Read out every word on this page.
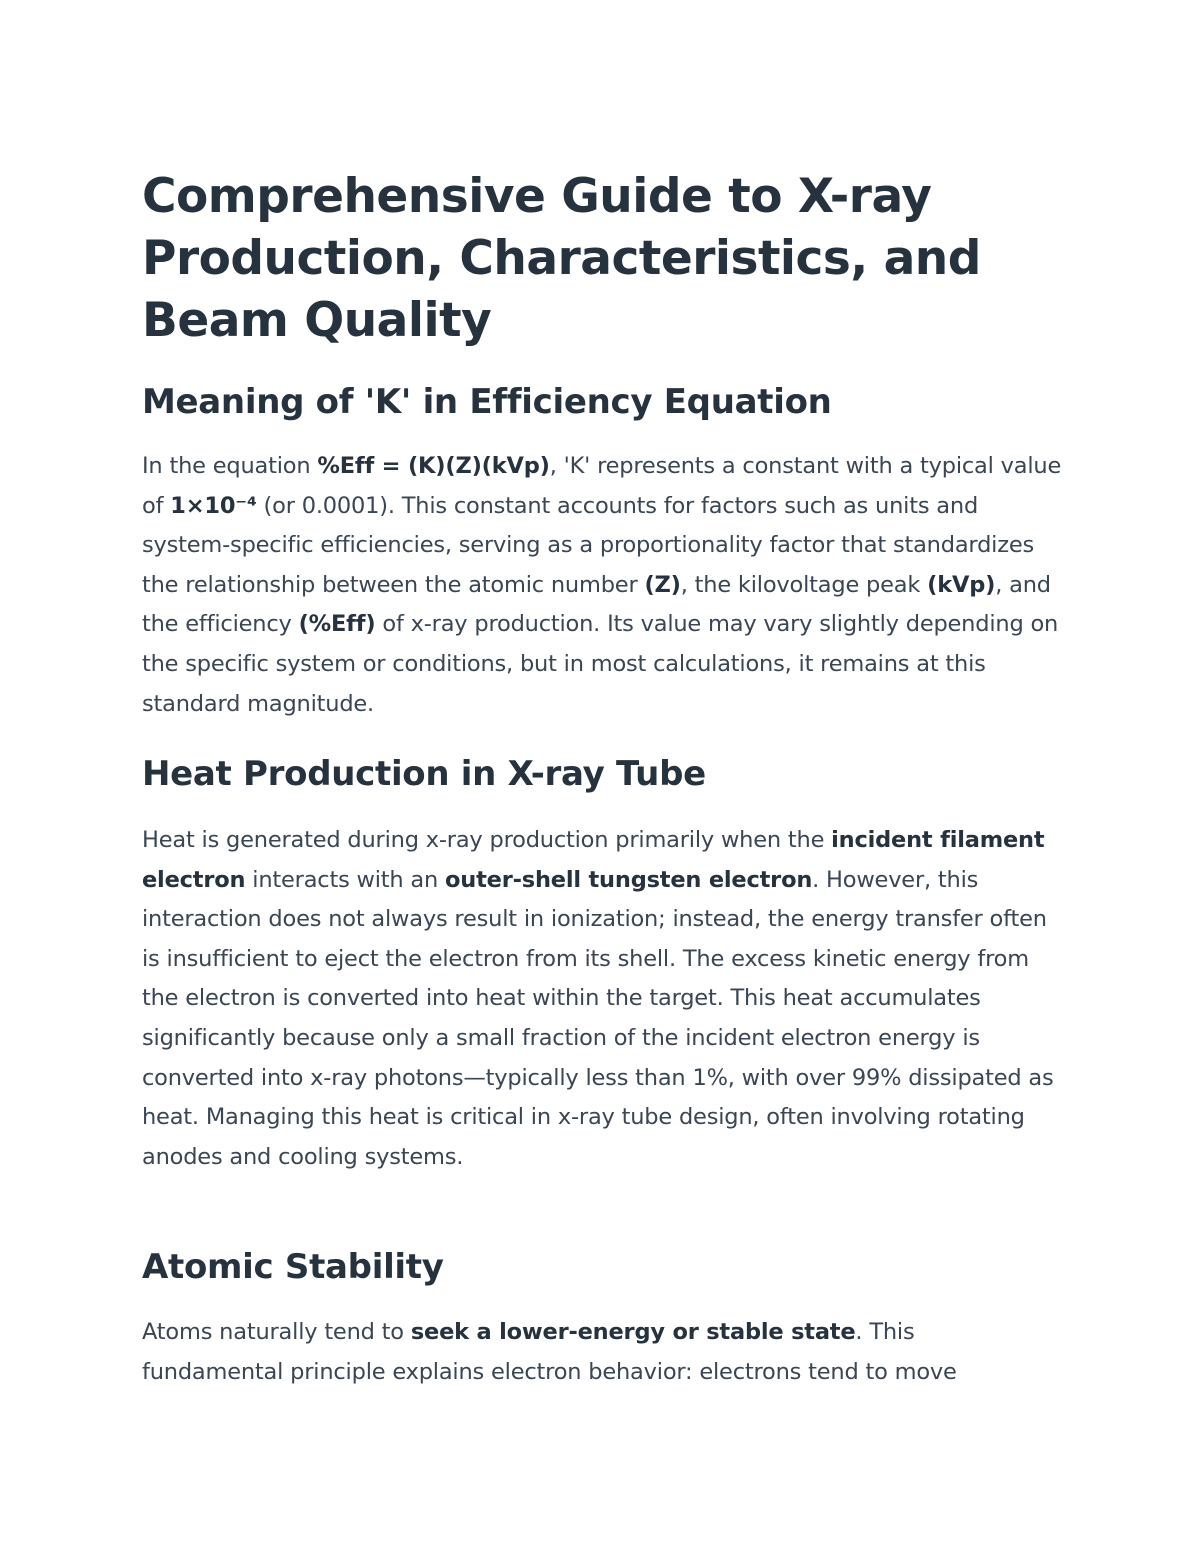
Comprehensive Guide to X-ray Production, Characteristics, and Beam Quality
Meaning of 'K' in Efficiency Equation

In the equation %Eff = (K)(Z)(kVp), 'K' represents a constant with a typical value of 1×10⁻⁴ (or 0.0001). This constant accounts for factors such as units and system-specific efficiencies, serving as a proportionality factor that standardizes the relationship between the atomic number (Z), the kilovoltage peak (kVp), and the efficiency (%Eff) of x-ray production. Its value may vary slightly depending on the specific system or conditions, but in most calculations, it remains at this standard magnitude.

Heat Production in X-ray Tube

Heat is generated during x-ray production primarily when the incident filament electron interacts with an outer-shell tungsten electron. However, this interaction does not always result in ionization; instead, the energy transfer often is insufficient to eject the electron from its shell. The excess kinetic energy from the electron is converted into heat within the target. This heat accumulates significantly because only a small fraction of the incident electron energy is converted into x-ray photons—typically less than 1%, with over 99% dissipated as heat. Managing this heat is critical in x-ray tube design, often involving rotating anodes and cooling systems.

Atomic Stability

Atoms naturally tend to seek a lower-energy or stable state. This fundamental principle explains electron behavior: electrons tend to move
